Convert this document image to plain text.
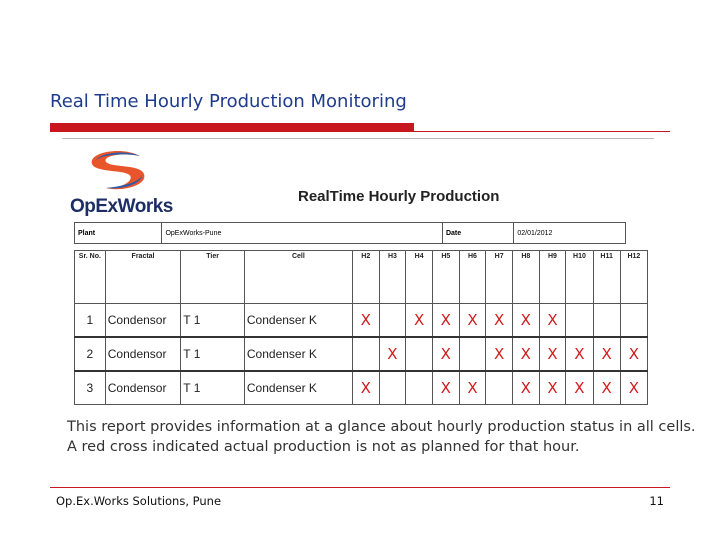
Real Time Hourly Production Monitoring
OpExWorks	RealTime Hourly Production
Plant	OpExWorks-Pune	Date	02/01/2012
Sr. No.	Fractal	Tier	Cell	H2	H3	H4	H5	H6	H7	H8	H9	H10	H11	H12
1	Condensor	T 1	Condenser K	X		X	X	X	X	X	X			
2	Condensor	T 1	Condenser K		X		X		X	X	X	X	X	X
3	Condensor	T 1	Condenser K	X			X	X		X	X	X	X	X
This report provides information at a glance about hourly production status in all cells. A red cross indicated actual production is not as planned for that hour.
Op.Ex.Works Solutions, Pune	11
